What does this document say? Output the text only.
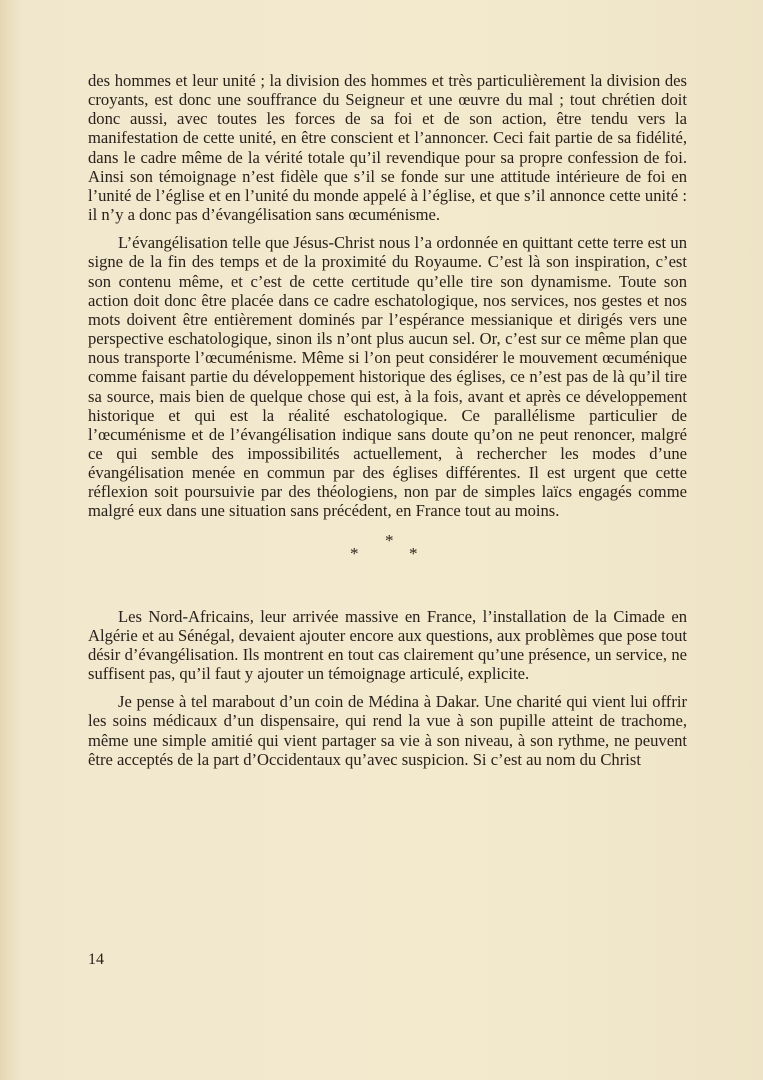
des hommes et leur unité ; la division des hommes et très particulièrement la division des croyants, est donc une souffrance du Seigneur et une œuvre du mal ; tout chrétien doit donc aussi, avec toutes les forces de sa foi et de son action, être tendu vers la manifestation de cette unité, en être conscient et l’annoncer. Ceci fait partie de sa fidélité, dans le cadre même de la vérité totale qu’il revendique pour sa propre confession de foi. Ainsi son témoignage n’est fidèle que s’il se fonde sur une attitude intérieure de foi en l’unité de l’église et en l’unité du monde appelé à l’église, et que s’il annonce cette unité : il n’y a donc pas d’évangélisation sans œcuménisme.

L’évangélisation telle que Jésus-Christ nous l’a ordonnée en quittant cette terre est un signe de la fin des temps et de la proximité du Royaume. C’est là son inspiration, c’est son contenu même, et c’est de cette certitude qu’elle tire son dynamisme. Toute son action doit donc être placée dans ce cadre eschatologique, nos services, nos gestes et nos mots doivent être entièrement dominés par l’espérance messianique et dirigés vers une perspective eschatologique, sinon ils n’ont plus aucun sel. Or, c’est sur ce même plan que nous transporte l’œcuménisme. Même si l’on peut considérer le mouvement œcuménique comme faisant partie du développement historique des églises, ce n’est pas de là qu’il tire sa source, mais bien de quelque chose qui est, à la fois, avant et après ce développement historique et qui est la réalité eschatologique. Ce parallélisme particulier de l’œcuménisme et de l’évangélisation indique sans doute qu’on ne peut renoncer, malgré ce qui semble des impossibilités actuellement, à rechercher les modes d’une évangélisation menée en commun par des églises différentes. Il est urgent que cette réflexion soit poursuivie par des théologiens, non par de simples laïcs engagés comme malgré eux dans une situation sans précédent, en France tout au moins.

*
*	*

Les Nord-Africains, leur arrivée massive en France, l’installation de la Cimade en Algérie et au Sénégal, devaient ajouter encore aux questions, aux problèmes que pose tout désir d’évangélisation. Ils montrent en tout cas clairement qu’une présence, un service, ne suffisent pas, qu’il faut y ajouter un témoignage articulé, explicite.

Je pense à tel marabout d’un coin de Médina à Dakar. Une charité qui vient lui offrir les soins médicaux d’un dispensaire, qui rend la vue à son pupille atteint de trachome, même une simple amitié qui vient partager sa vie à son niveau, à son rythme, ne peuvent être acceptés de la part d’Occidentaux qu’avec suspicion. Si c’est au nom du Christ

14
